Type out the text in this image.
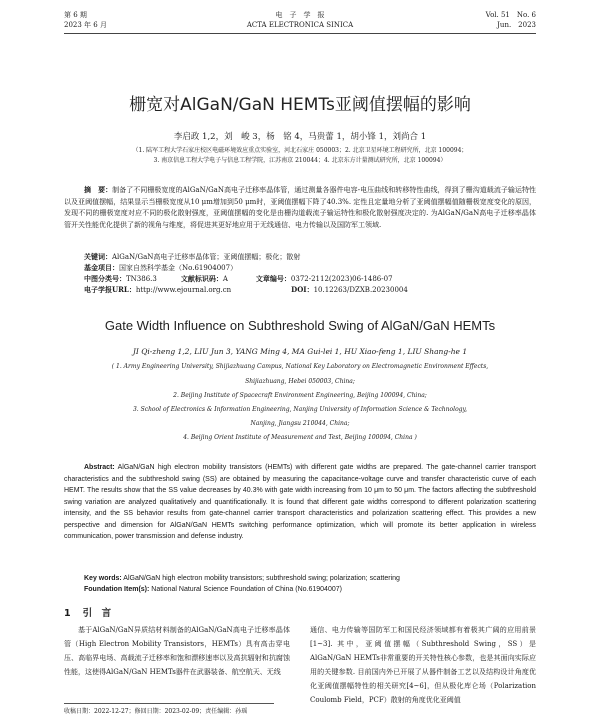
第 6 期
2023 年 6 月
电　子　学　报
ACTA ELECTRONICA SINICA
Vol. 51　No. 6
Jun.　2023
栅宽对AlGaN/GaN HEMTs亚阈值摆幅的影响
李启政 1,2，刘　峻 3，杨　铭 4，马贵蕾 1，胡小锋 1，刘尚合 1
（1. 陆军工程大学石家庄校区电磁环境效应重点实验室，河北石家庄 050003；2. 北京卫星环境工程研究所，北京 100094；
3. 南京信息工程大学电子与信息工程学院，江苏南京 210044；4. 北京东方计量测试研究所，北京 100094）
摘　要：制备了不同栅极宽度的AlGaN/GaN高电子迁移率晶体管，通过测量各器件电容-电压曲线和转移特性曲线，得到了栅沟道载流子输运特性以及亚阈值摆幅，结果显示当栅极宽度从10 μm增加到50 μm时，亚阈值摆幅下降了40.3%. 定性且定量地分析了亚阈值摆幅值随栅极宽度变化的原因，发现不同的栅极宽度对应不同的极化散射强度，亚阈值摆幅的变化是由栅沟道载流子输运特性和极化散射强度决定的. 为AlGaN/GaN高电子迁移率晶体管开关性能优化提供了新的视角与维度，将促进其更好地应用于无线通信、电力传输以及国防军工领域.
关键词：AlGaN/GaN高电子迁移率晶体管；亚阈值摆幅；极化；散射
基金项目：国家自然科学基金（No.61904007）
中图分类号：TN386.3	文献标识码：A	文章编号：0372-2112(2023)06-1486-07
电子学报URL：http://www.ejournal.org.cn	DOI：10.12263/DZXB.20230004
Gate Width Influence on Subthreshold Swing of AlGaN/GaN HEMTs
JI Qi-zheng 1,2, LIU Jun 3, YANG Ming 4, MA Gui-lei 1, HU Xiao-feng 1, LIU Shang-he 1
( 1. Army Engineering University, Shijiazhuang Campus, National Key Laboratory on Electromagnetic Environment Effects,
Shijiazhuang, Hebei 050003, China;
2. Beijing Institute of Spacecraft Environment Engineering, Beijing 100094, China;
3. School of Electronics & Information Engineering, Nanjing University of Information Science & Technology,
Nanjing, Jiangsu 210044, China;
4. Beijing Orient Institute of Measurement and Test, Beijing 100094, China )
Abstract: AlGaN/GaN high electron mobility transistors (HEMTs) with different gate widths are prepared. The gate-channel carrier transport characteristics and the subthreshold swing (SS) are obtained by measuring the capacitance-voltage curve and transfer characteristic curve of each HEMT. The results show that the SS value decreases by 40.3% with gate width increasing from 10 μm to 50 μm. The factors affecting the subthreshold swing variation are analyzed qualitatively and quantificationally. It is found that different gate widths correspond to different polarization scattering intensity, and the SS behavior results from gate-channel carrier transport characteristics and polarization scattering effect. This provides a new perspective and dimension for AlGaN/GaN HEMTs switching performance optimization, which will promote its better application in wireless communication, power transmission and defense industry.
Key words: AlGaN/GaN high electron mobility transistors; subthreshold swing; polarization; scattering
Foundation Item(s): National Natural Science Foundation of China (No.61904007)
1 引　言
基于AlGaN/GaN异质结材料制备的AlGaN/GaN高电子迁移率晶体管（High Electron Mobility Transistors，HEMTs）具有高击穿电压、高临界电场、高载流子迁移率和饱和漂移速率以及高抗辐射和抗腐蚀性能，这使得AlGaN/GaN HEMTs器件在武器装备、航空航天、无线
通信、电力传输等国防军工和国民经济领域都有着极其广阔的应用前景[1~3]. 其中，亚阈值摆幅（Subthreshold Swing，SS）是AlGaN/GaN HEMTs非常重要的开关特性核心参数，也是其面向实际应用的关键参数. 目前国内外已开展了从器件制备工艺以及结构设计角度优化亚阈值摆幅特性的相关研究[4~6]，但从极化库仑场（Polarization Coulomb Field，PCF）散射的角度优化亚阈值
收稿日期：2022-12-27；修回日期：2023-02-09；责任编辑：孙瑶
